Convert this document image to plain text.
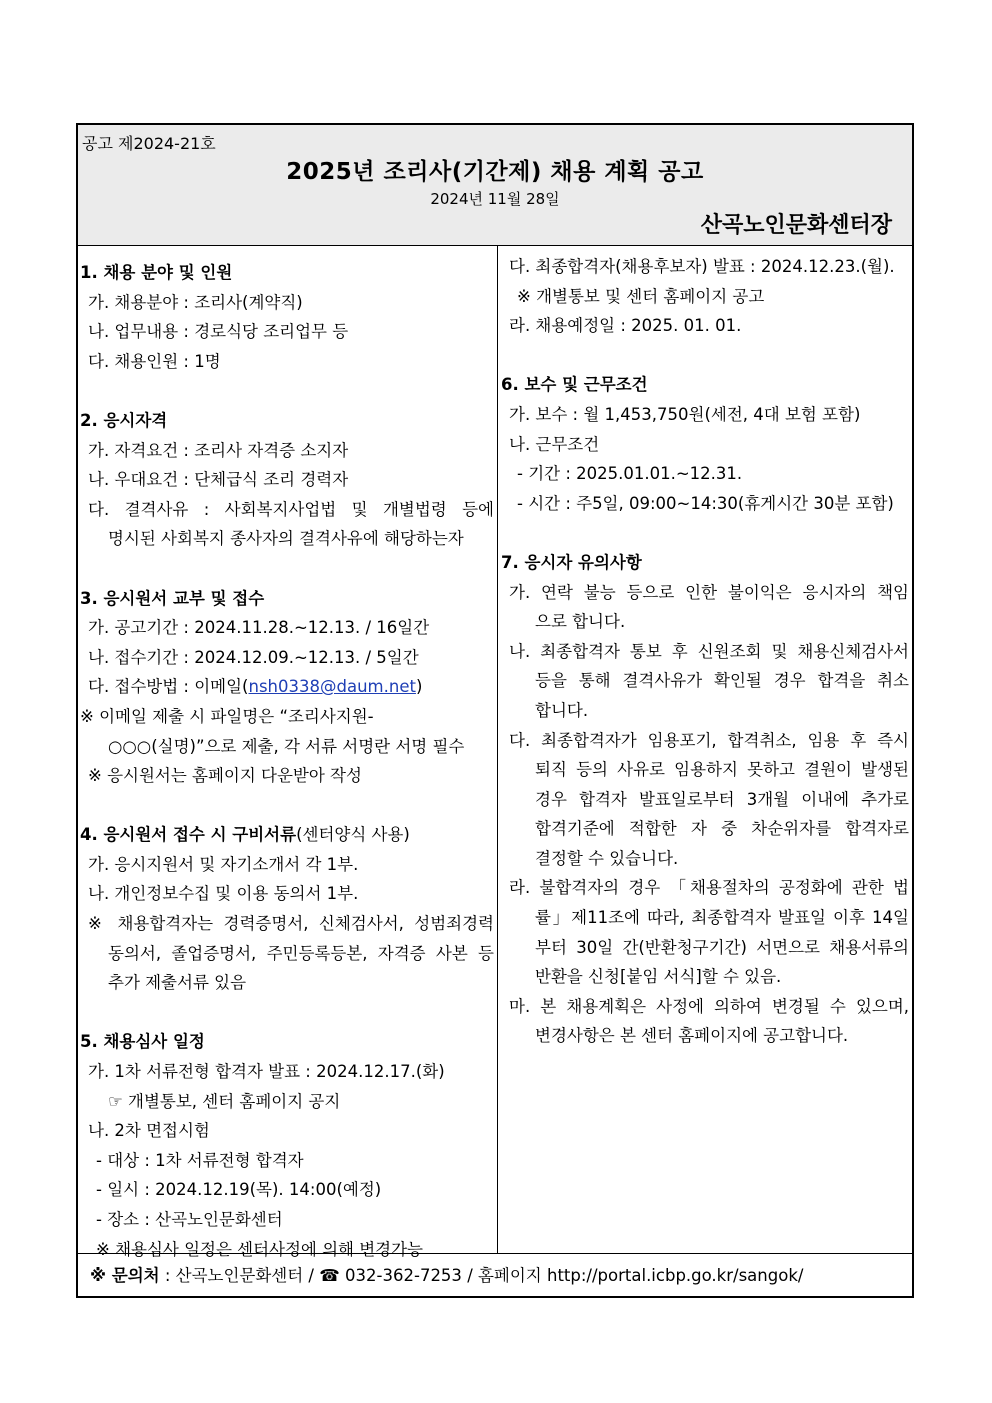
공고 제2024-21호
2025년 조리사(기간제) 채용 계획 공고
2024년 11월 28일
산곡노인문화센터장
1. 채용 분야 및 인원
가. 채용분야 : 조리사(계약직)
나. 업무내용 : 경로식당 조리업무 등
다. 채용인원 : 1명
2. 응시자격
가. 자격요건 : 조리사 자격증 소지자
나. 우대요건 : 단체급식 조리 경력자
다. 결격사유 : 사회복지사업법 및 개별법령 등에
명시된 사회복지 종사자의 결격사유에 해당하는자
3. 응시원서 교부 및 접수
가. 공고기간 : 2024.11.28.~12.13. / 16일간
나. 접수기간 : 2024.12.09.~12.13. / 5일간
다. 접수방법 : 이메일(nsh0338@daum.net)
※ 이메일 제출 시 파일명은 “조리사지원-
○○○(실명)”으로 제출, 각 서류 서명란 서명 필수
※ 응시원서는 홈페이지 다운받아 작성
4. 응시원서 접수 시 구비서류(센터양식 사용)
가. 응시지원서 및 자기소개서 각 1부.
나. 개인정보수집 및 이용 동의서 1부.
※ 채용합격자는 경력증명서, 신체검사서, 성범죄경력
동의서, 졸업증명서, 주민등록등본, 자격증 사본 등
추가 제출서류 있음
5. 채용심사 일정
가. 1차 서류전형 합격자 발표 : 2024.12.17.(화)
☞ 개별통보, 센터 홈페이지 공지
나. 2차 면접시험
- 대상 : 1차 서류전형 합격자
- 일시 : 2024.12.19(목). 14:00(예정)
- 장소 : 산곡노인문화센터
※ 채용심사 일정은 센터사정에 의해 변경가능
다. 최종합격자(채용후보자) 발표 : 2024.12.23.(월).
※ 개별통보 및 센터 홈페이지 공고
라. 채용예정일 : 2025. 01. 01.
6. 보수 및 근무조건
가. 보수 : 월 1,453,750원(세전, 4대 보험 포함)
나. 근무조건
- 기간 : 2025.01.01.~12.31.
- 시간 : 주5일, 09:00~14:30(휴게시간 30분 포함)
7. 응시자 유의사항
가. 연락 불능 등으로 인한 불이익은 응시자의 책임
으로 합니다.
나. 최종합격자 통보 후 신원조회 및 채용신체검사서
등을 통해 결격사유가 확인될 경우 합격을 취소
합니다.
다. 최종합격자가 임용포기, 합격취소, 임용 후 즉시
퇴직 등의 사유로 임용하지 못하고 결원이 발생된
경우 합격자 발표일로부터 3개월 이내에 추가로
합격기준에 적합한 자 중 차순위자를 합격자로
결정할 수 있습니다.
라. 불합격자의 경우 「채용절차의 공정화에 관한 법
률」제11조에 따라, 최종합격자 발표일 이후 14일
부터 30일 간(반환청구기간) 서면으로 채용서류의
반환을 신청[붙임 서식]할 수 있음.
마. 본 채용계획은 사정에 의하여 변경될 수 있으며,
변경사항은 본 센터 홈페이지에 공고합니다.
※ 문의처 : 산곡노인문화센터 / ☎ 032-362-7253 / 홈페이지 http://portal.icbp.go.kr/sangok/
